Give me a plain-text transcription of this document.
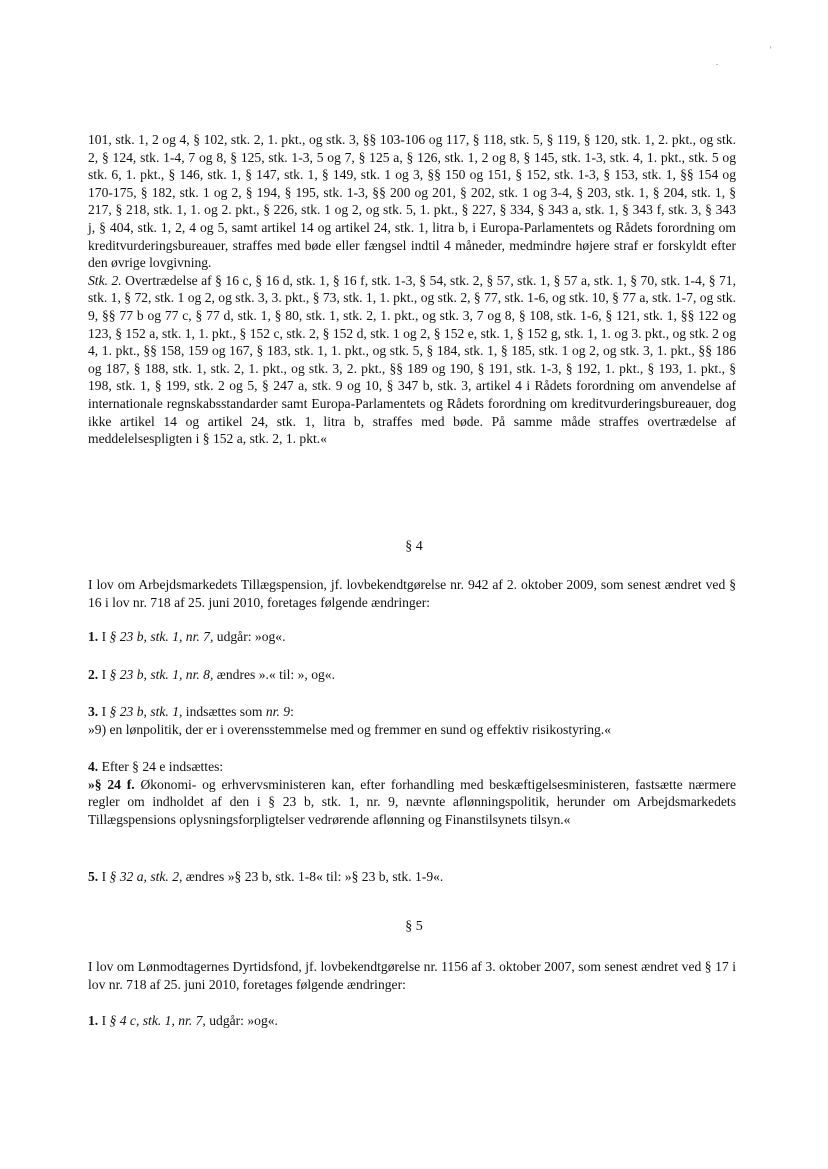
.
'

101, stk. 1, 2 og 4, § 102, stk. 2, 1. pkt., og stk. 3, §§ 103-106 og 117, § 118, stk. 5, § 119, § 120, stk. 1, 2. pkt., og stk. 2, § 124, stk. 1-4, 7 og 8, § 125, stk. 1-3, 5 og 7, § 125 a, § 126, stk. 1, 2 og 8, § 145, stk. 1-3, stk. 4, 1. pkt., stk. 5 og stk. 6, 1. pkt., § 146, stk. 1, § 147, stk. 1, § 149, stk. 1 og 3, §§ 150 og 151, § 152, stk. 1-3, § 153, stk. 1, §§ 154 og 170-175, § 182, stk. 1 og 2, § 194, § 195, stk. 1-3, §§ 200 og 201, § 202, stk. 1 og 3-4, § 203, stk. 1, § 204, stk. 1, § 217, § 218, stk. 1, 1. og 2. pkt., § 226, stk. 1 og 2, og stk. 5, 1. pkt., § 227, § 334, § 343 a, stk. 1, § 343 f, stk. 3, § 343 j, § 404, stk. 1, 2, 4 og 5, samt artikel 14 og artikel 24, stk. 1, litra b, i Europa-Parlamentets og Rådets forordning om kreditvurderingsbureauer, straffes med bøde eller fængsel indtil 4 måneder, medmindre højere straf er forskyldt efter den øvrige lovgivning.

Stk. 2. Overtrædelse af § 16 c, § 16 d, stk. 1, § 16 f, stk. 1-3, § 54, stk. 2, § 57, stk. 1, § 57 a, stk. 1, § 70, stk. 1-4, § 71, stk. 1, § 72, stk. 1 og 2, og stk. 3, 3. pkt., § 73, stk. 1, 1. pkt., og stk. 2, § 77, stk. 1-6, og stk. 10, § 77 a, stk. 1-7, og stk. 9, §§ 77 b og 77 c, § 77 d, stk. 1, § 80, stk. 1, stk. 2, 1. pkt., og stk. 3, 7 og 8, § 108, stk. 1-6, § 121, stk. 1, §§ 122 og 123, § 152 a, stk. 1, 1. pkt., § 152 c, stk. 2, § 152 d, stk. 1 og 2, § 152 e, stk. 1, § 152 g, stk. 1, 1. og 3. pkt., og stk. 2 og 4, 1. pkt., §§ 158, 159 og 167, § 183, stk. 1, 1. pkt., og stk. 5, § 184, stk. 1, § 185, stk. 1 og 2, og stk. 3, 1. pkt., §§ 186 og 187, § 188, stk. 1, stk. 2, 1. pkt., og stk. 3, 2. pkt., §§ 189 og 190, § 191, stk. 1-3, § 192, 1. pkt., § 193, 1. pkt., § 198, stk. 1, § 199, stk. 2 og 5, § 247 a, stk. 9 og 10, § 347 b, stk. 3, artikel 4 i Rådets forordning om anvendelse af internationale regnskabsstandarder samt Europa-Parlamentets og Rådets forordning om kreditvurderingsbureauer, dog ikke artikel 14 og artikel 24, stk. 1, litra b, straffes med bøde. På samme måde straffes overtrædelse af meddelelsespligten i § 152 a, stk. 2, 1. pkt.«

§ 4
I lov om Arbejdsmarkedets Tillægspension, jf. lovbekendtgørelse nr. 942 af 2. oktober 2009, som senest ændret ved § 16 i lov nr. 718 af 25. juni 2010, foretages følgende ændringer:
1. I § 23 b, stk. 1, nr. 7, udgår: »og«.
2. I § 23 b, stk. 1, nr. 8, ændres ».« til: », og«.

3. I § 23 b, stk. 1, indsættes som nr. 9:

»9) en lønpolitik, der er i overensstemmelse med og fremmer en sund og effektiv risikostyring.«

4. Efter § 24 e indsættes:

»§ 24 f. Økonomi- og erhvervsministeren kan, efter forhandling med beskæftigelsesministeren, fastsætte nærmere regler om indholdet af den i § 23 b, stk. 1, nr. 9, nævnte aflønningspolitik, herunder om Arbejdsmarkedets Tillægspensions oplysningsforpligtelser vedrørende aflønning og Finanstilsynets tilsyn.«

5. I § 32 a, stk. 2, ændres »§ 23 b, stk. 1-8« til: »§ 23 b, stk. 1-9«.
§ 5
I lov om Lønmodtagernes Dyrtidsfond, jf. lovbekendtgørelse nr. 1156 af 3. oktober 2007, som senest ændret ved § 17 i lov nr. 718 af 25. juni 2010, foretages følgende ændringer:
1. I § 4 c, stk. 1, nr. 7, udgår: »og«.
